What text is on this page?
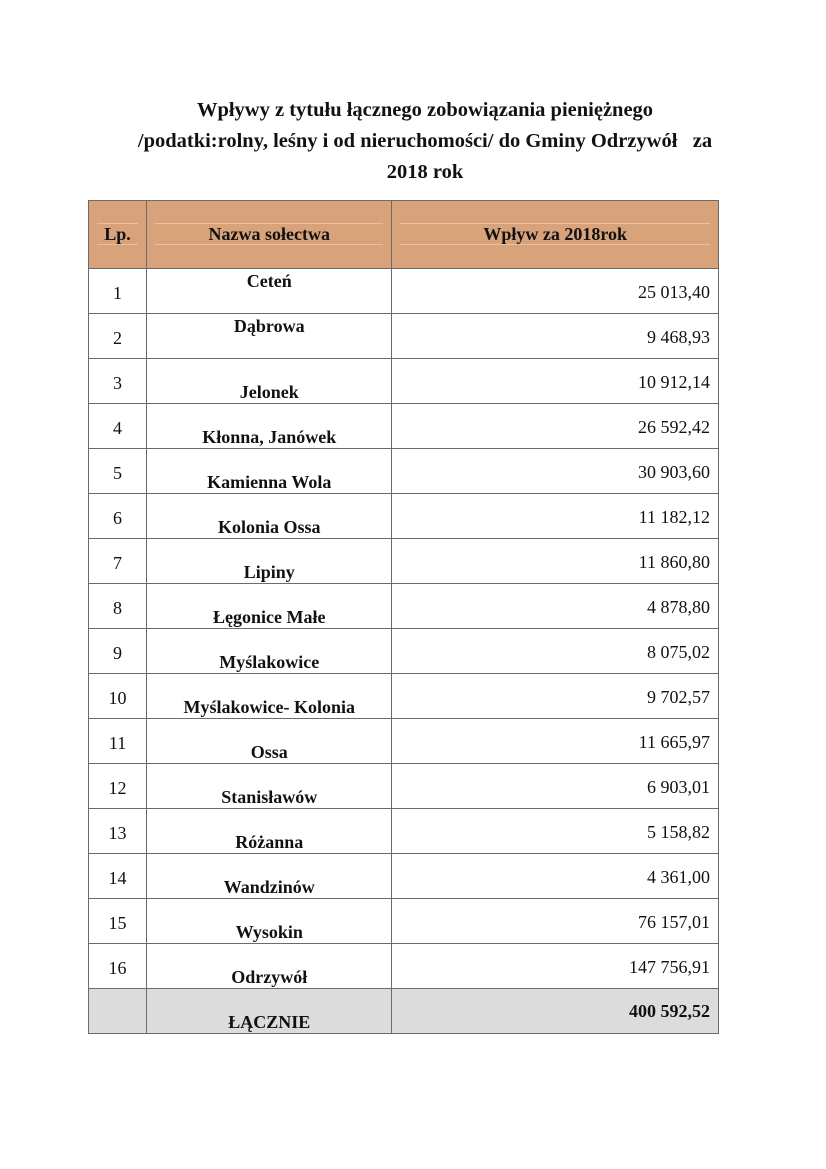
Wpływy z tytułu łącznego zobowiązania pieniężnego
/podatki:rolny, leśny i od nieruchomości/ do Gminy Odrzywół   za
2018 rok
Lp.	Nazwa sołectwa	Wpływ za 2018rok

1	Ceteń	25 013,40

2	Dąbrowa	9 468,93

3	Jelonek	10 912,14

4	Kłonna, Janówek	26 592,42

5	Kamienna Wola	30 903,60

6	Kolonia Ossa	11 182,12

7	Lipiny	11 860,80

8	Łęgonice Małe	4 878,80

9	Myślakowice	8 075,02

10	Myślakowice- Kolonia	9 702,57

11	Ossa	11 665,97

12	Stanisławów	6 903,01

13	Różanna	5 158,82

14	Wandzinów	4 361,00

15	Wysokin	76 157,01

16	Odrzywół	147 756,91

	ŁĄCZNIE	400 592,52
